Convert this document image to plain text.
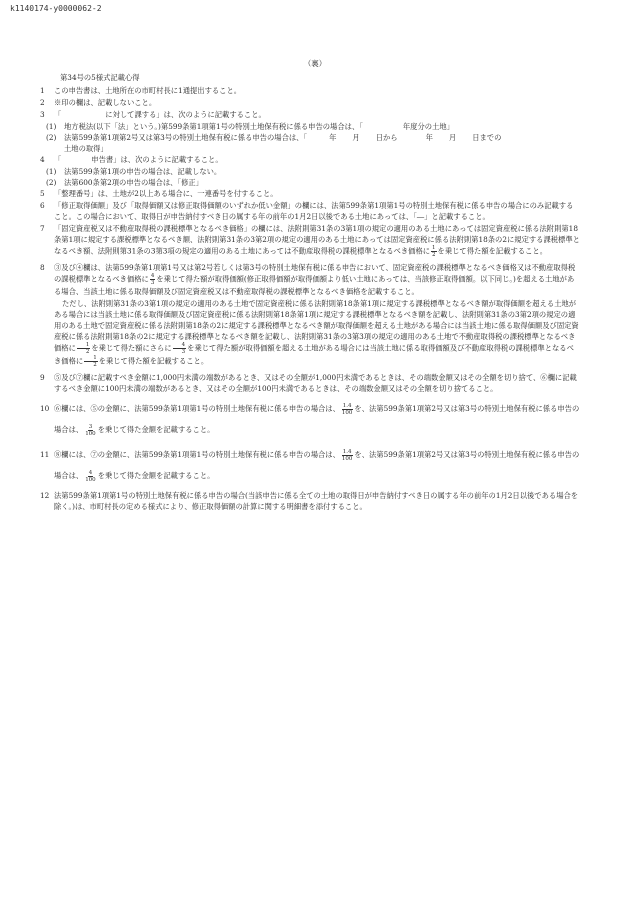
k1140174-y0000062-2
（裏）
第34号の5様式記載心得
1	この申告書は、土地所在の市町村長に1通提出すること。
2	※印の欄は、記載しないこと。
3	「	に対して課する」は、次のように記載すること。
(1)	地方税法(以下「法」という。)第599条第1項第1号の特別土地保有税に係る申告の場合は、「	年度分の土地」
(2)	法第599条第1項第2号又は第3号の特別土地保有税に係る申告の場合は、「	年 月 日から	年 月 日までの
土地の取得」
4	「	申告書」は、次のように記載すること。
(1)	法第599条第1項の申告の場合は、記載しない。
(2)	法第600条第2項の申告の場合は、「修正」
5	「整理番号」は、土地が2以上ある場合に、一連番号を付すること。
6	「修正取得価額」及び「取得価額又は修正取得価額のいずれか低い金額」の欄には、法第599条第1項第1号の特別土地保有税に係る申告の場合にのみ記載すること。この場合において、取得日が申告納付すべき日の属する年の前年の1月2日以後である土地にあっては、「―」と記載すること。
7	「固定資産税又は不動産取得税の課税標準となるべき価格」の欄には、法附則第31条の3第1項の規定の適用のある土地にあっては固定資産税に係る法附則第18条第1項に規定する課税標準となるべき額、法附則第31条の3第2項の規定の適用のある土地にあっては固定資産税に係る法附則第18条の2に規定する課税標準となるべき額、法附則第31条の3第3項の規定の適用のある土地にあっては不動産取得税の課税標準となるべき価格に $\frac{1}{2}$ を乗じて得た額を記載すること。
8	③及び④欄は、法第599条第1項第1号又は第2号若しくは第3号の特別土地保有税に係る申告において、固定資産税の課税標準となるべき価格又は不動産取得税の課税標準となるべき価格に $\frac{4}{3}$ を乗じて得た額が取得価額(修正取得価額が取得価額より低い土地にあっては、当該修正取得価額。以下同じ。)を超える土地がある場合、当該土地に係る取得価額及び固定資産税又は不動産取得税の課税標準となるべき価格を記載すること。
ただし、法附則第31条の3第1項の規定の適用のある土地で固定資産税に係る法附則第18条第1項に規定する課税標準となるべき額が取得価額を超える土地がある場合には当該土地に係る取得価額及び固定資産税に係る法附則第18条第1項に規定する課税標準となるべき額を記載し、法附則第31条の3第2項の規定の適用のある土地で固定資産税に係る法附則第18条の2に規定する課税標準となるべき額が取得価額を超える土地がある場合には当該土地に係る取得価額及び固定資産税に係る法附則第18条の2に規定する課税標準となるべき額を記載し、法附則第31条の3第3項の規定の適用のある土地で不動産取得税の課税標準となるべき価格に $\frac{1}{2}$ を乗じて得た額にさらに $\frac{4}{3}$ を乗じて得た額が取得価額を超える土地がある場合には当該土地に係る取得価額及び不動産取得税の課税標準となるべき価格に $\frac{1}{2}$ を乗じて得た額を記載すること。
9	⑤及び⑦欄に記載すべき金額に1,000円未満の端数があるとき、又はその全額が1,000円未満であるときは、その端数金額又はその全額を切り捨て、⑥欄に記載するべき金額に100円未満の端数があるとき、又はその全額が100円未満であるときは、その端数金額又はその全額を切り捨てること。
10 ⑥欄には、⑤の金額に、法第599条第1項第1号の特別土地保有税に係る申告の場合は、 $\frac{1.4}{100}$ を、法第599条第1項第2号又は第3号の特別土地保有税に係る申告の場合は、 $\frac{3}{100}$ を乗じて得た金額を記載すること。
11 ⑧欄には、⑦の金額に、法第599条第1項第1号の特別土地保有税に係る申告の場合は、 $\frac{1.4}{100}$ を、法第599条第1項第2号又は第3号の特別土地保有税に係る申告の場合は、 $\frac{4}{100}$ を乗じて得た金額を記載すること。
12 法第599条第1項第1号の特別土地保有税に係る申告の場合(当該申告に係る全ての土地の取得日が申告納付すべき日の属する年の前年の1月2日以後である場合を除く。)は、市町村長の定める様式により、修正取得価額の計算に関する明細書を添付すること。
